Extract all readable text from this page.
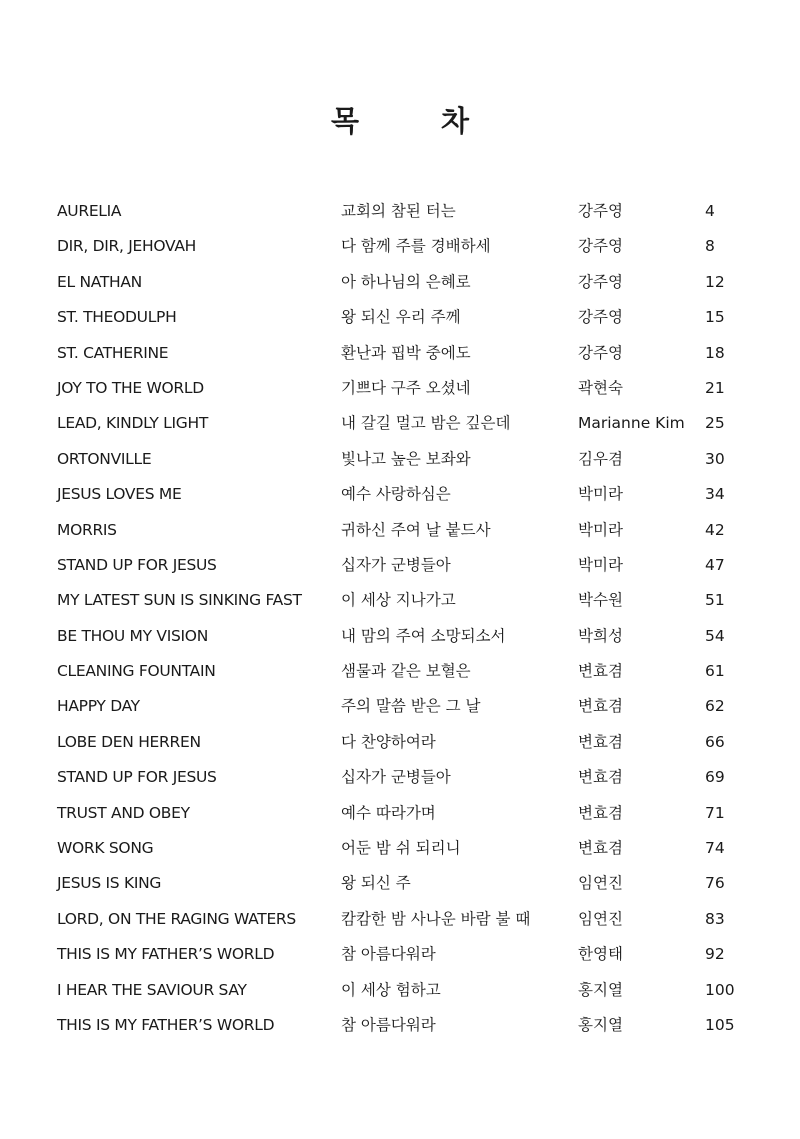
목 차
AURELIA	교회의 참된 터는	강주영	4
DIR, DIR, JEHOVAH	다 함께 주를 경배하세	강주영	8
EL NATHAN	아 하나님의 은혜로	강주영	12
ST. THEODULPH	왕 되신 우리 주께	강주영	15
ST. CATHERINE	환난과 핍박 중에도	강주영	18
JOY TO THE WORLD	기쁘다 구주 오셨네	곽현숙	21
LEAD, KINDLY LIGHT	내 갈길 멀고 밤은 깊은데	Marianne Kim 25
ORTONVILLE	빛나고 높은 보좌와	김우겸	30
JESUS LOVES ME	예수 사랑하심은	박미라	34
MORRIS	귀하신 주여 날 붙드사	박미라	42
STAND UP FOR JESUS	십자가 군병들아	박미라	47
MY LATEST SUN IS SINKING FAST	이 세상 지나가고	박수원	51
BE THOU MY VISION	내 맘의 주여 소망되소서	박희성	54
CLEANING FOUNTAIN	샘물과 같은 보혈은	변효겸	61
HAPPY DAY	주의 말씀 받은 그 날	변효겸	62
LOBE DEN HERREN	다 찬양하여라	변효겸	66
STAND UP FOR JESUS	십자가 군병들아	변효겸	69
TRUST AND OBEY	예수 따라가며	변효겸	71
WORK SONG	어둔 밤 쉬 되리니	변효겸	74
JESUS IS KING	왕 되신 주	임연진	76
LORD, ON THE RAGING WATERS	캄캄한 밤 사나운 바람 불 때	임연진	83
THIS IS MY FATHER’S WORLD	참 아름다워라	한영태	92
I HEAR THE SAVIOUR SAY	이 세상 험하고	홍지열	100
THIS IS MY FATHER’S WORLD	참 아름다워라	홍지열	105
